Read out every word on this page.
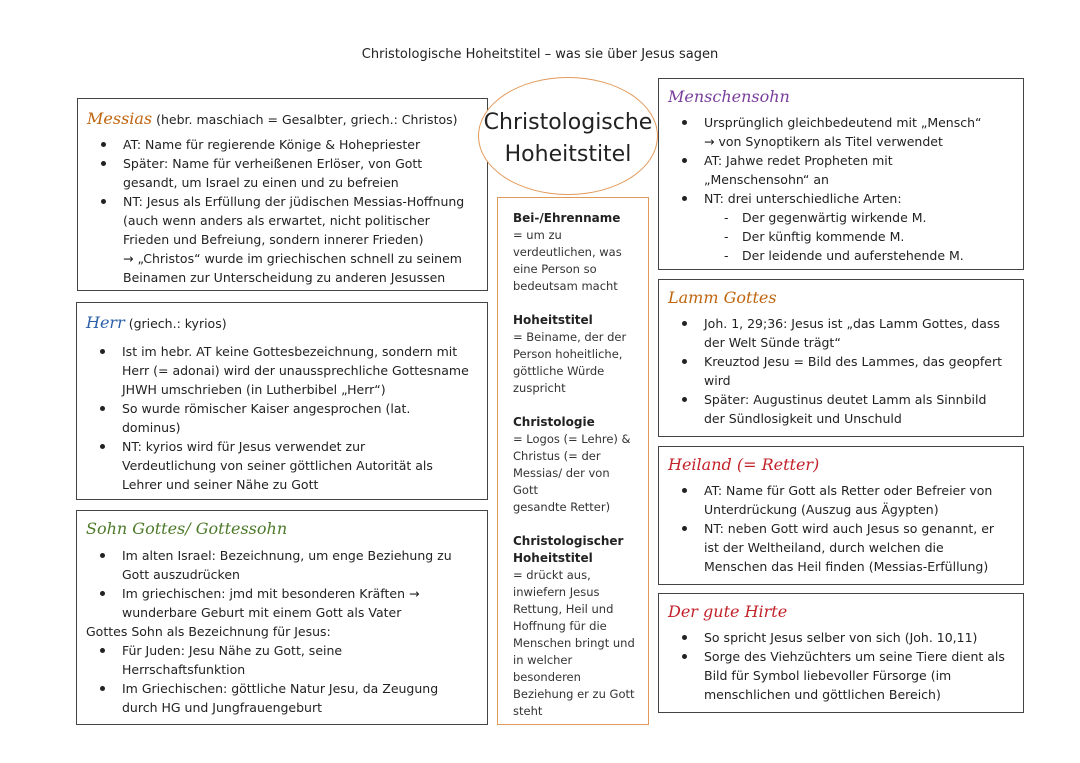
Christologische Hoheitstitel – was sie über Jesus sagen
Messias (hebr. maschiach = Gesalbter, griech.: Christos)
AT: Name für regierende Könige & Hohepriester
Später: Name für verheißenen Erlöser, von Gott
gesandt, um Israel zu einen und zu befreien
NT: Jesus als Erfüllung der jüdischen Messias-Hoffnung
(auch wenn anders als erwartet, nicht politischer
Frieden und Befreiung, sondern innerer Frieden)
→ „Christos“ wurde im griechischen schnell zu seinem
Beinamen zur Unterscheidung zu anderen Jesussen
Herr (griech.: kyrios)
Ist im hebr. AT keine Gottesbezeichnung, sondern mit
Herr (= adonai) wird der unaussprechliche Gottesname
JHWH umschrieben (in Lutherbibel „Herr“)
So wurde römischer Kaiser angesprochen (lat.
dominus)
NT: kyrios wird für Jesus verwendet zur
Verdeutlichung von seiner göttlichen Autorität als
Lehrer und seiner Nähe zu Gott
Sohn Gottes/ Gottessohn
Im alten Israel: Bezeichnung, um enge Beziehung zu
Gott auszudrücken
Im griechischen: jmd mit besonderen Kräften →
wunderbare Geburt mit einem Gott als Vater
Gottes Sohn als Bezeichnung für Jesus:
Für Juden: Jesu Nähe zu Gott, seine
Herrschaftsfunktion
Im Griechischen: göttliche Natur Jesu, da Zeugung
durch HG und Jungfrauengeburt
Bei-/Ehrenname
= um zu
verdeutlichen, was
eine Person so
bedeutsam macht
Hoheitstitel
= Beiname, der der
Person hoheitliche,
göttliche Würde
zuspricht
Christologie
= Logos (= Lehre) &
Christus (= der
Messias/ der von Gott
gesandte Retter)
Christologischer
Hoheitstitel
= drückt aus,
inwiefern Jesus
Rettung, Heil und
Hoffnung für die
Menschen bringt und
in welcher
besonderen
Beziehung er zu Gott
steht
Christologische
Hoheitstitel
Menschensohn
Ursprünglich gleichbedeutend mit „Mensch“
→ von Synoptikern als Titel verwendet
AT: Jahwe redet Propheten mit
„Menschensohn“ an
NT: drei unterschiedliche Arten:
- Der gegenwärtig wirkende M.
- Der künftig kommende M.
- Der leidende und auferstehende M.
Lamm Gottes
Joh. 1, 29;36: Jesus ist „das Lamm Gottes, dass
der Welt Sünde trägt“
Kreuztod Jesu = Bild des Lammes, das geopfert
wird
Später: Augustinus deutet Lamm als Sinnbild
der Sündlosigkeit und Unschuld
Heiland (= Retter)
AT: Name für Gott als Retter oder Befreier von
Unterdrückung (Auszug aus Ägypten)
NT: neben Gott wird auch Jesus so genannt, er
ist der Weltheiland, durch welchen die
Menschen das Heil finden (Messias-Erfüllung)
Der gute Hirte
So spricht Jesus selber von sich (Joh. 10,11)
Sorge des Viehzüchters um seine Tiere dient als
Bild für Symbol liebevoller Fürsorge (im
menschlichen und göttlichen Bereich)
